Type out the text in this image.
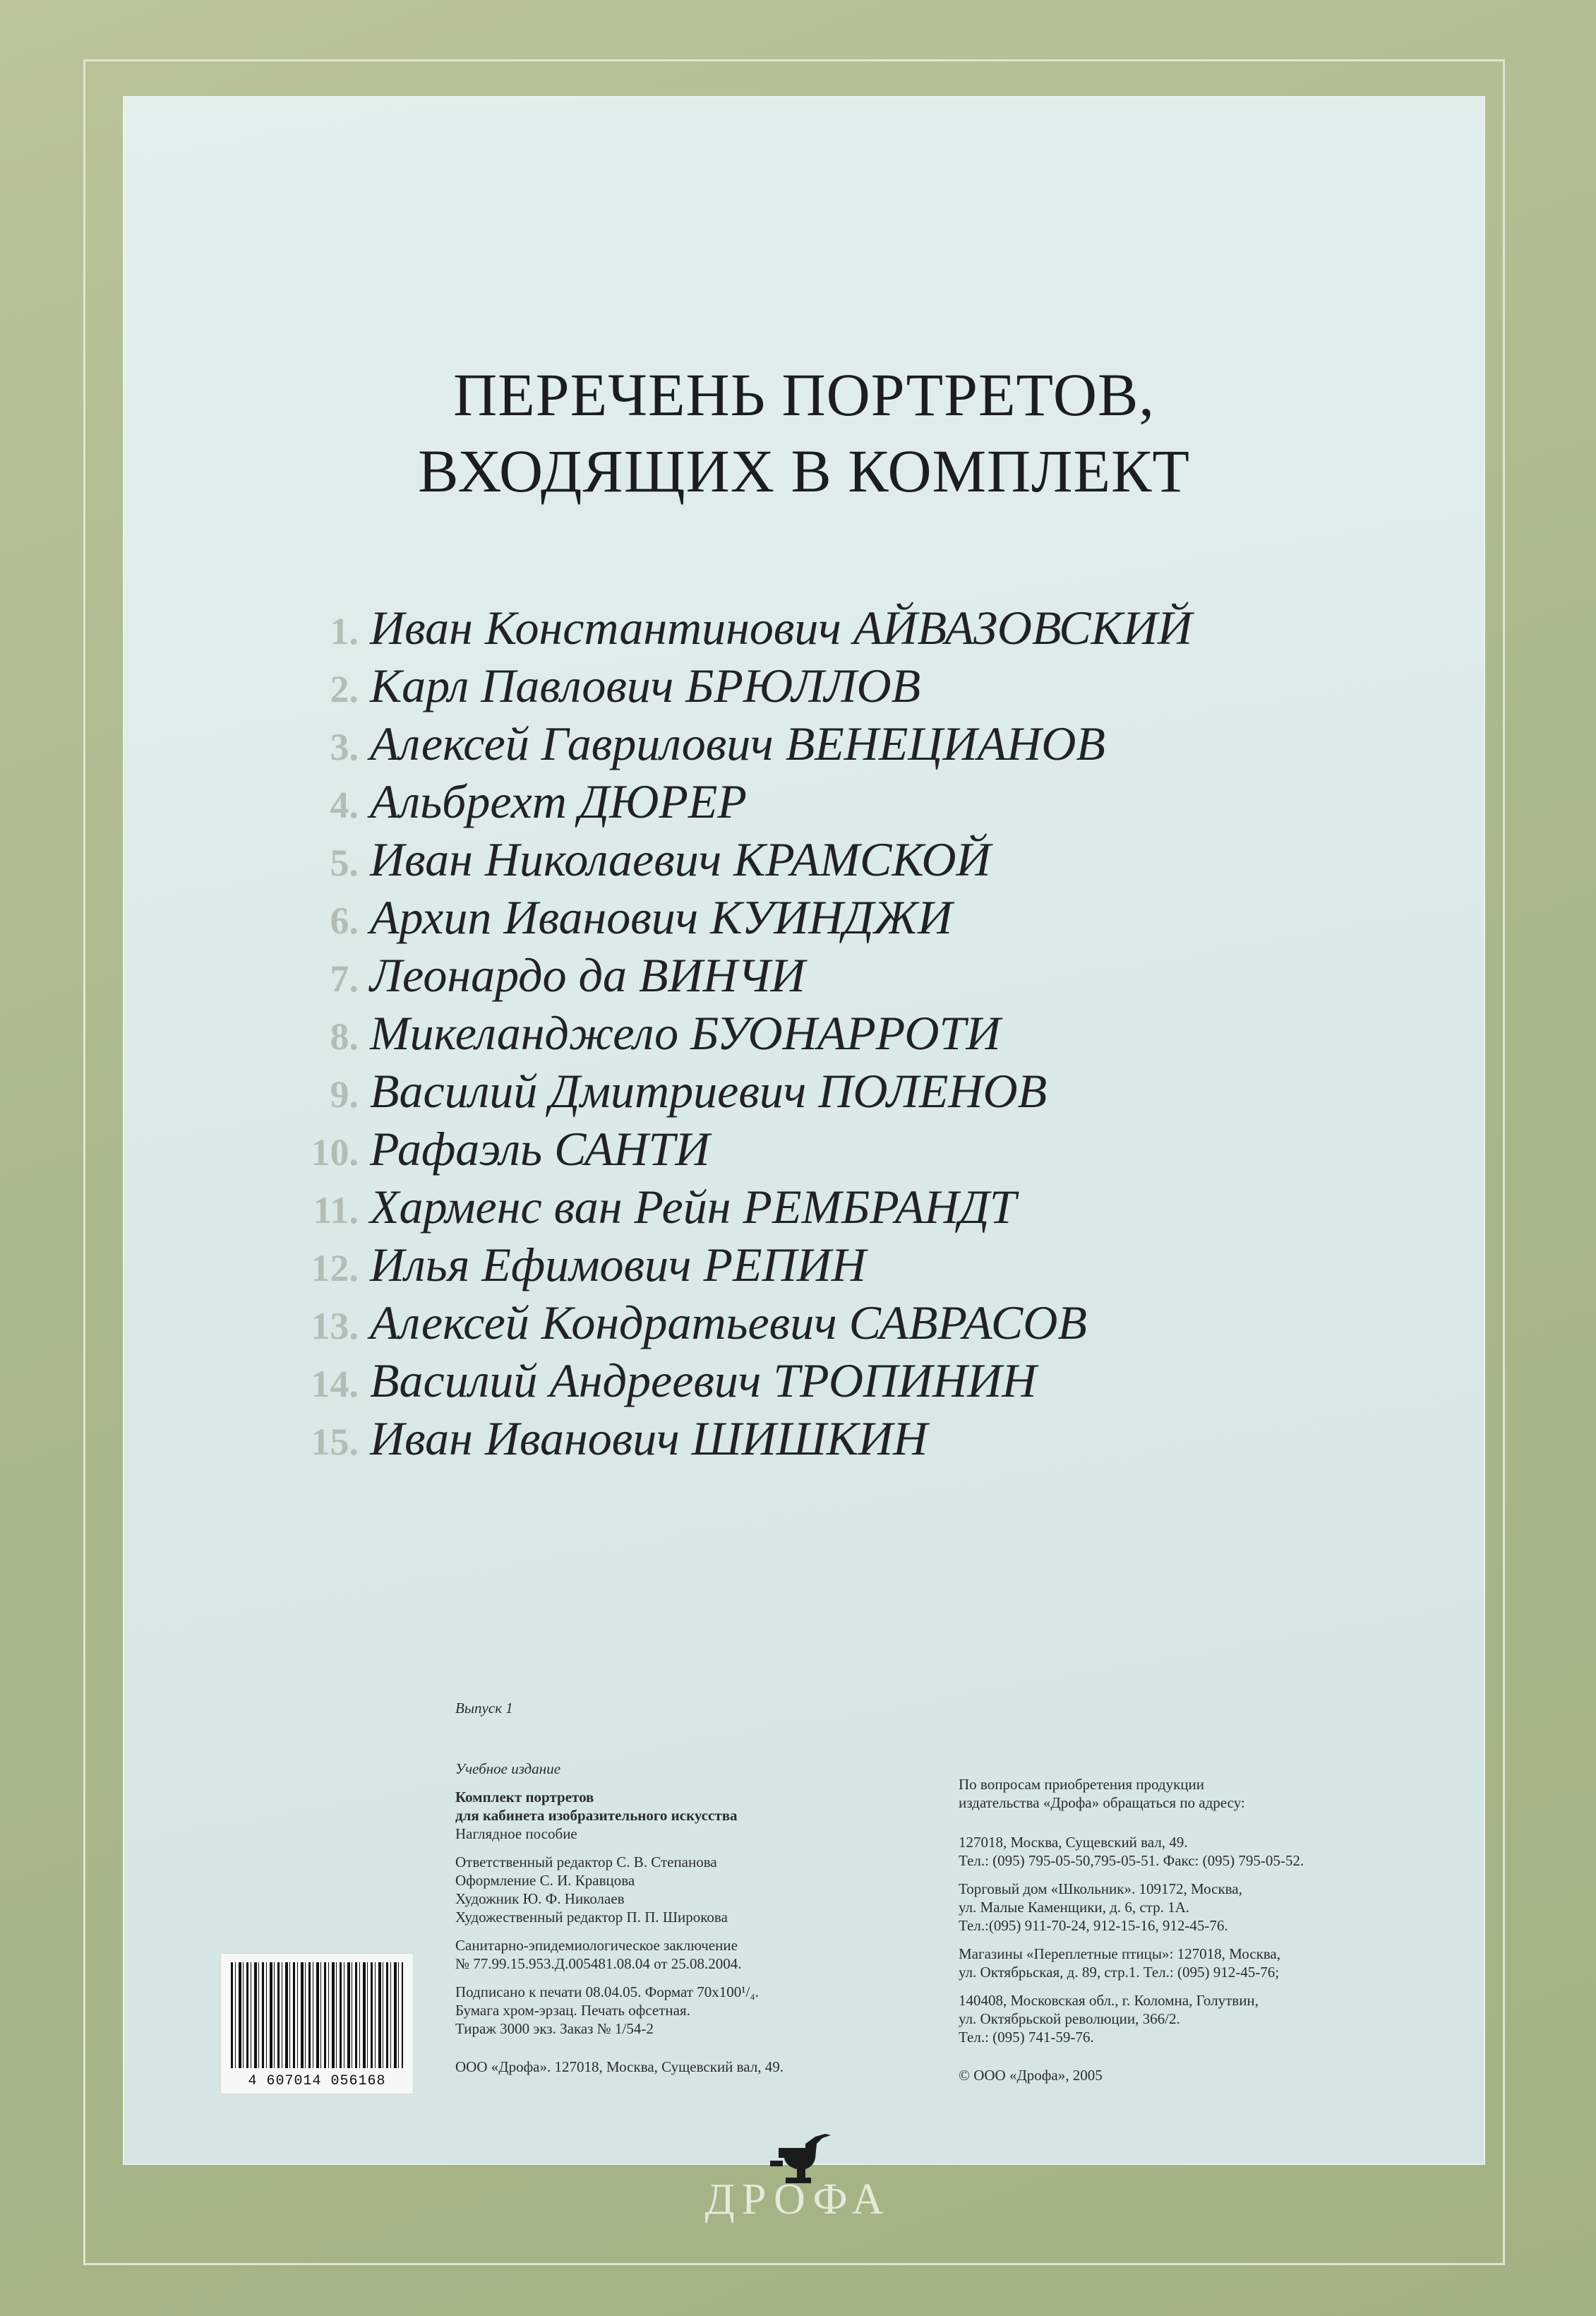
ПЕРЕЧЕНЬ ПОРТРЕТОВ,
ВХОДЯЩИХ В КОМПЛЕКТ
1. Иван Константинович АЙВАЗОВСКИЙ
2. Карл Павлович БРЮЛЛОВ
3. Алексей Гаврилович ВЕНЕЦИАНОВ
4. Альбрехт ДЮРЕР
5. Иван Николаевич КРАМСКОЙ
6. Архип Иванович КУИНДЖИ
7. Леонардо да ВИНЧИ
8. Микеланджело БУОНАРРОТИ
9. Василий Дмитриевич ПОЛЕНОВ
10. Рафаэль САНТИ
11. Харменс ван Рейн РЕМБРАНДТ
12. Илья Ефимович РЕПИН
13. Алексей Кондратьевич САВРАСОВ
14. Василий Андреевич ТРОПИНИН
15. Иван Иванович ШИШКИН

Выпуск 1

Учебное издание

Комплект портретов

для кабинета изобразительного искусства

Наглядное пособие

Ответственный редактор С. В. Степанова

Оформление С. И. Кравцова

Художник Ю. Ф. Николаев

Художественный редактор П. П. Широкова

Санитарно-эпидемиологическое заключение

№ 77.99.15.953.Д.005481.08.04 от 25.08.2004.

Подписано к печати 08.04.05. Формат 70х100¹/₄.

Бумага хром-эрзац. Печать офсетная.

Тираж 3000 экз. Заказ № 1/54-2

ООО «Дрофа». 127018, Москва, Сущевский вал, 49.

По вопросам приобретения продукции

издательства «Дрофа» обращаться по адресу:

127018, Москва, Сущевский вал, 49.

Тел.: (095) 795-05-50,795-05-51. Факс: (095) 795-05-52.

Торговый дом «Школьник». 109172, Москва,

ул. Малые Каменщики, д. 6, стр. 1А.

Тел.:(095) 911-70-24, 912-15-16, 912-45-76.

Магазины «Переплетные птицы»: 127018, Москва,

ул. Октябрьская, д. 89, стр.1. Тел.: (095) 912-45-76;

140408, Московская обл., г. Коломна, Голутвин,

ул. Октябрьской революции, 366/2.

Тел.: (095) 741-59-76.

© ООО «Дрофа», 2005

4 607014 056168
ДРОФА
